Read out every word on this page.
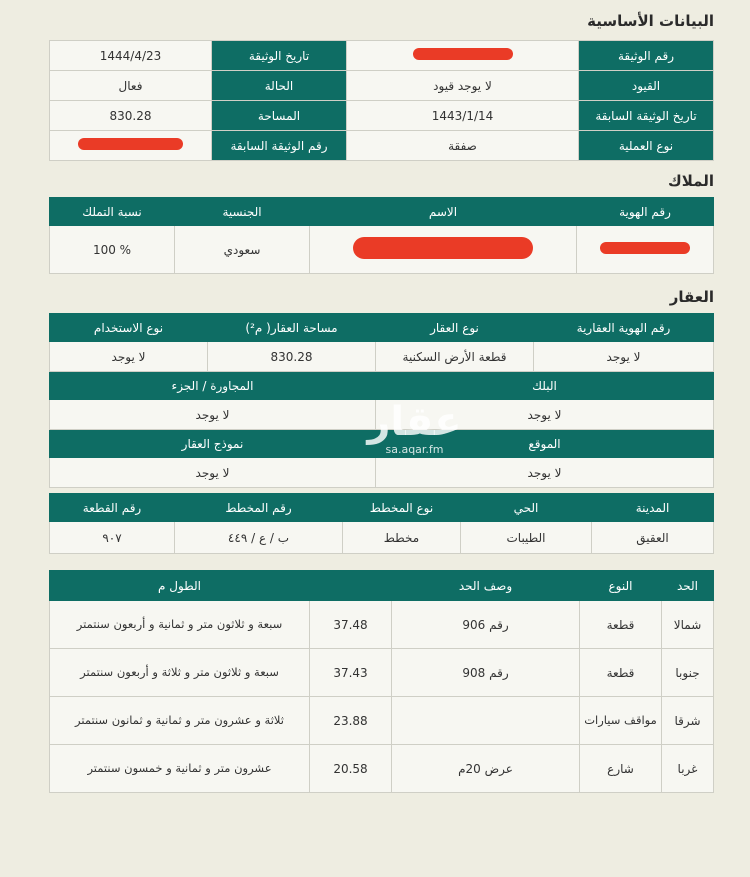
البيانات الأساسية
رقم الوثيقة		تاريخ الوثيقة	1444/4/23
القيود	لا يوجد قيود	الحالة	فعال
تاريخ الوثيقة السابقة	1443/1/14	المساحة	830.28
نوع العملية	صفقة	رقم الوثيقة السابقة	
الملاك
رقم الهوية	الاسم	الجنسية	نسبة التملك
		سعودي	100 %
العقار
رقم الهوية العقارية	نوع العقار	مساحة العقار( م²)	نوع الاستخدام
لا يوجد	قطعة الأرض السكنية	830.28	لا يوجد
البلك		المجاورة / الجزء	
لا يوجد		لا يوجد	
الموقع		نموذج العقار	
لا يوجد		لا يوجد	
المدينة	الحي	نوع المخطط	رقم المخطط	رقم القطعة
العقيق	الطيبات	مخطط	ب / ع / ٤٤٩	٩٠٧
الحد	النوع	وصف الحد		الطول م
شمالا	قطعة	رقم 906	37.48	سبعة و ثلاثون متر و ثمانية و أربعون سنتمتر
جنوبا	قطعة	رقم 908	37.43	سبعة و ثلاثون متر و ثلاثة و أربعون سنتمتر
شرقا	مواقف سيارات		23.88	ثلاثة و عشرون متر و ثمانية و ثمانون سنتمتر
غربا	شارع	عرض 20م	20.58	عشرون متر و ثمانية و خمسون سنتمتر
عقار
sa.aqar.fm
